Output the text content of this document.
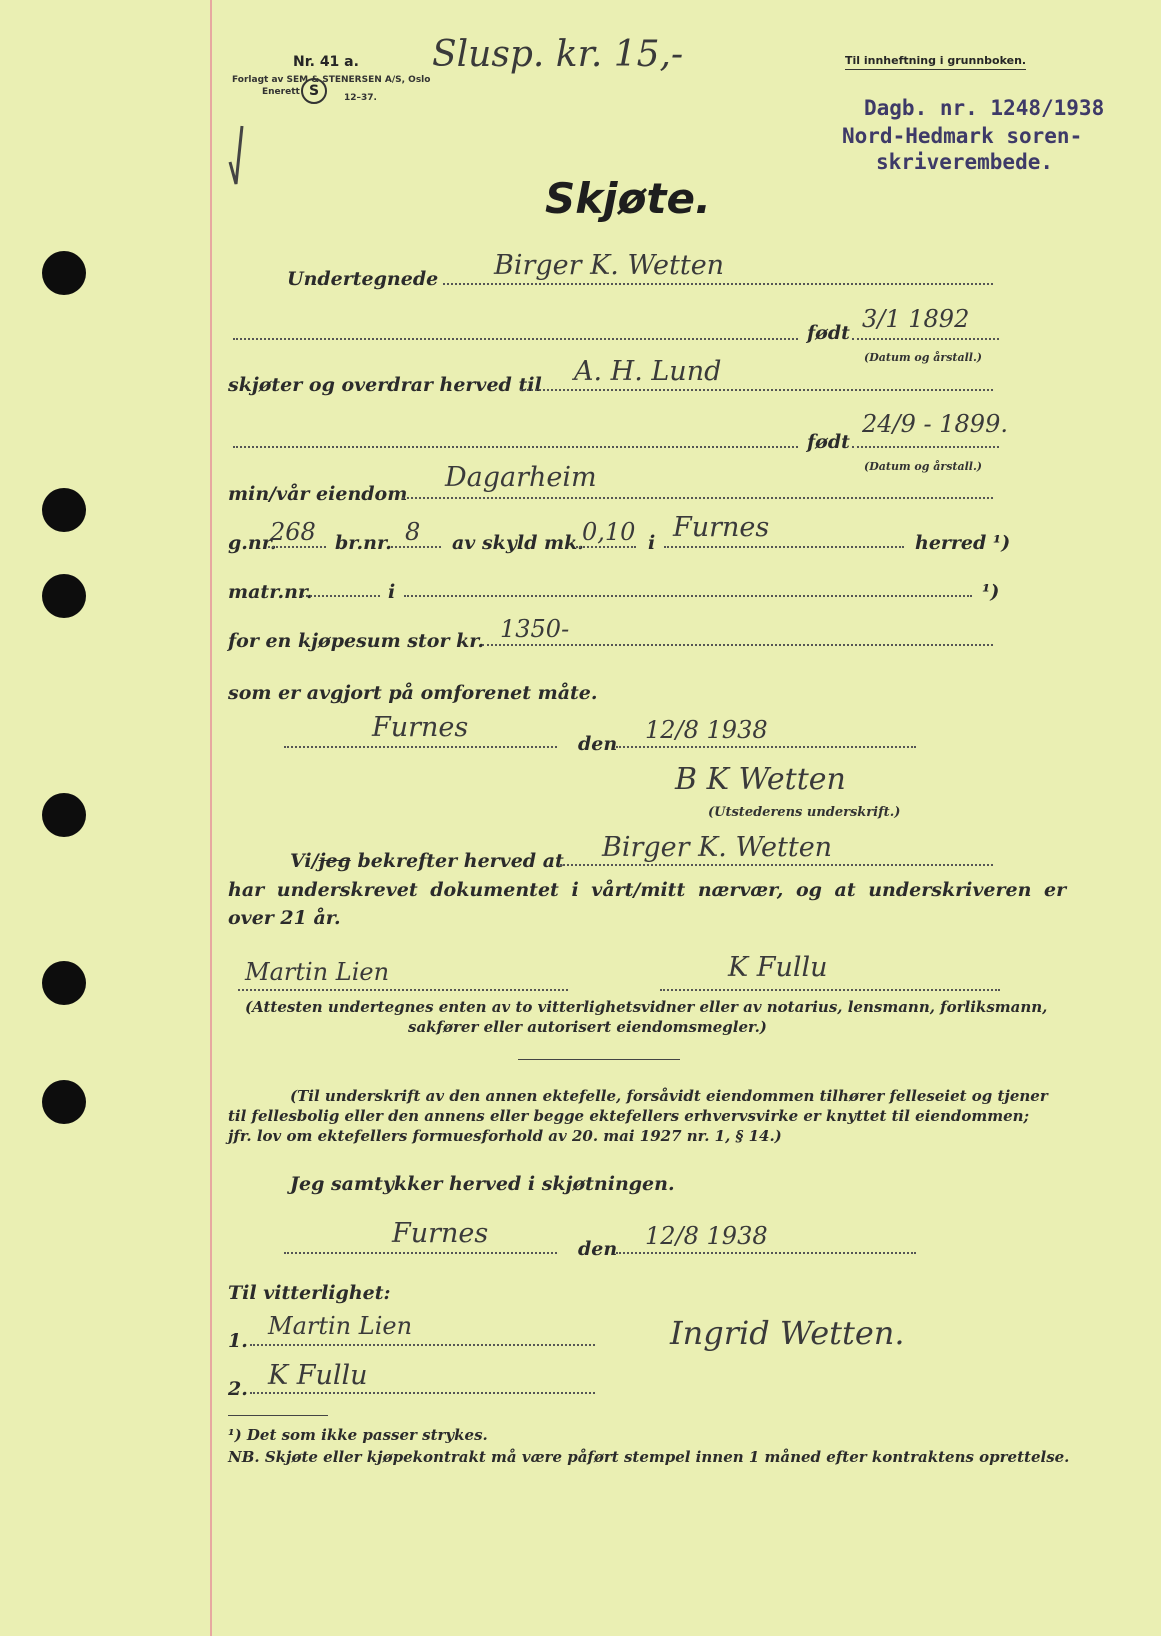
Nr. 41 a.
Forlagt av SEM & STENERSEN A/S, Oslo
Enerett S	12–37.
Slusp. kr. 15,-	Til innheftning i grunnboken.
Dagb. nr. 1248/1938
Nord-Hedmark soren-
skriverembede.
Skjøte.
Undertegnede Birger K. Wetten
født 3/1 1892
(Datum og årstall.)
skjøter og overdrar herved til A. H. Lund
født
24/9 - 1899.
(Datum og årstall.)
min/vår eiendom
Dagarheim
g.nr.
268 br.nr. 8 av skyld mk.
0,10 i Furnes	herred ¹)
matr.nr.	i	¹)
for en kjøpesum stor kr. 1350-
som er avgjort på omforenet måte.
Furnes
den 12/8 1938
B K Wetten
(Utstederens underskrift.)
Vi/jeg bekrefter herved at Birger K. Wetten
har underskrevet dokumentet i vårt/mitt nærvær, og at underskriveren er
over 21 år.
Martin Lien	K Fullu
(Attesten undertegnes enten av to vitterlighetsvidner eller av notarius, lensmann, forliksmann,
sakfører eller autorisert eiendomsmegler.)
(Til underskrift av den annen ektefelle, forsåvidt eiendommen tilhører felleseiet og tjener
til fellesbolig eller den annens eller begge ektefellers erhvervsvirke er knyttet til eiendommen;
jfr. lov om ektefellers formuesforhold av 20. mai 1927 nr. 1, § 14.)
Jeg samtykker herved i skjøtningen.
Furnes	den 12/8 1938
Til vitterlighet:
1.
Martin Lien
2. K Fullu
Ingrid Wetten.
¹) Det som ikke passer strykes.
NB. Skjøte eller kjøpekontrakt må være påført stempel innen 1 måned efter kontraktens oprettelse.
